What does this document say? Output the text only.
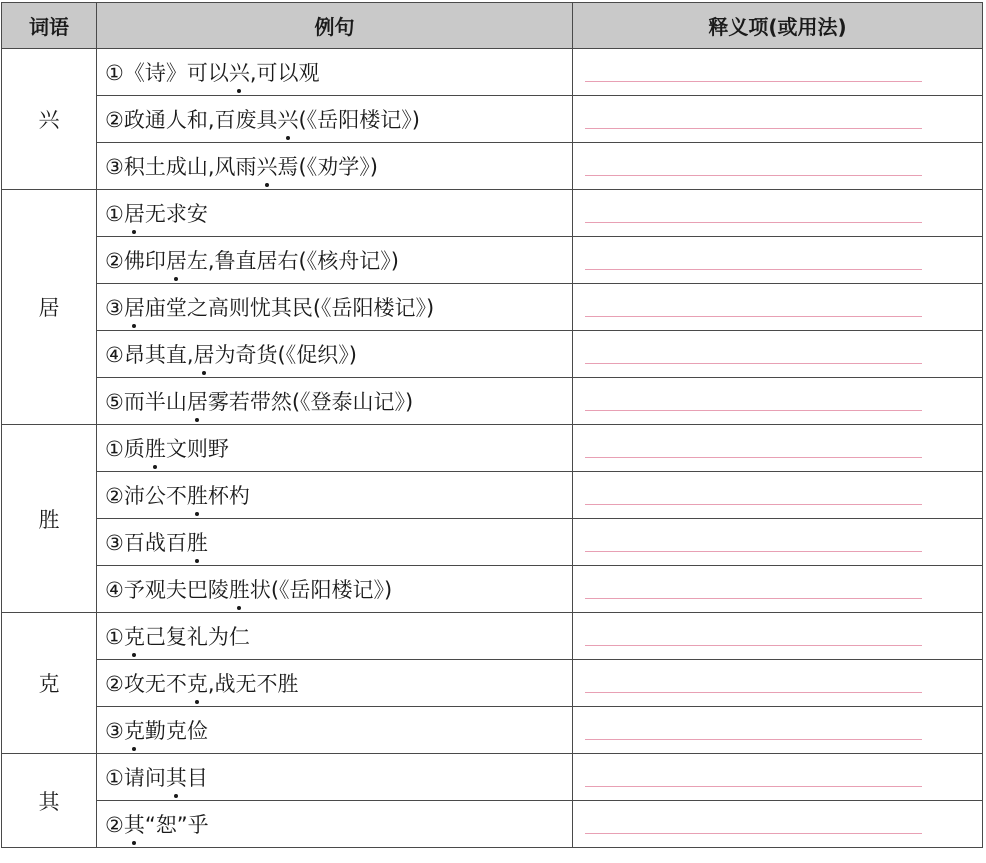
词语	例句	释义项(或用法)
兴	①《诗》可以兴,可以观	

	②政通人和,百废具兴(《岳阳楼记》)	

	③积土成山,风雨兴焉(《劝学》)	

居	①居无求安	

	②佛印居左,鲁直居右(《核舟记》)	

	③居庙堂之高则忧其民(《岳阳楼记》)	

	④昂其直,居为奇货(《促织》)	

	⑤而半山居雾若带然(《登泰山记》)	

胜	①质胜文则野	

	②沛公不胜杯杓	

	③百战百胜	

	④予观夫巴陵胜状(《岳阳楼记》)	

克	①克己复礼为仁	

	②攻无不克,战无不胜	

	③克勤克俭	

其	①请问其目	

	②其“恕”乎	
